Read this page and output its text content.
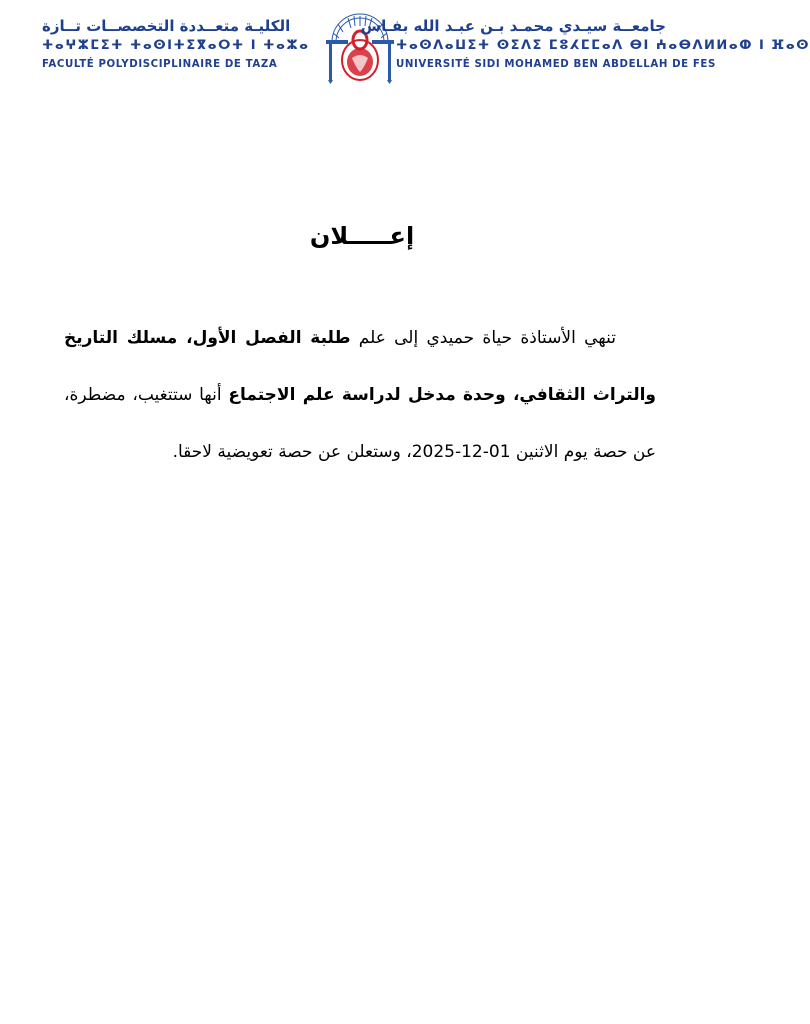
الكليـة متعــددة التخصصــات تــازة
ⵜⴰⵖⵣⵎⵉⵜ ⵜⴰⵙⵏⵜⵉⴳⴰⵔⵜ ⵏ ⵜⴰⵣⴰ
FACULTÉ POLYDISCIPLINAIRE DE TAZA
جامعــة سيـدي محمـد بـن عبـد الله بفـاس
ⵜⴰⵙⴷⴰⵡⵉⵜ ⵙⵉⴷⵉ ⵎⵓⵃⵎⵎⴰⴷ ⴱⵏ ⵄⴰⴱⴷⵍⵍⴰⵀ ⵏ ⴼⴰⵙ
UNIVERSITÉ SIDI MOHAMED BEN ABDELLAH DE FES
إعـــــلان

تنهي الأستاذة حياة حميدي إلى علم طلبة الفصل الأول، مسلك التاريخ والتراث الثقافي، وحدة مدخل لدراسة علم الاجتماع أنها ستتغيب، مضطرة، عن حصة يوم الاثنين 01-12-2025، وستعلن عن حصة تعويضية لاحقا.
